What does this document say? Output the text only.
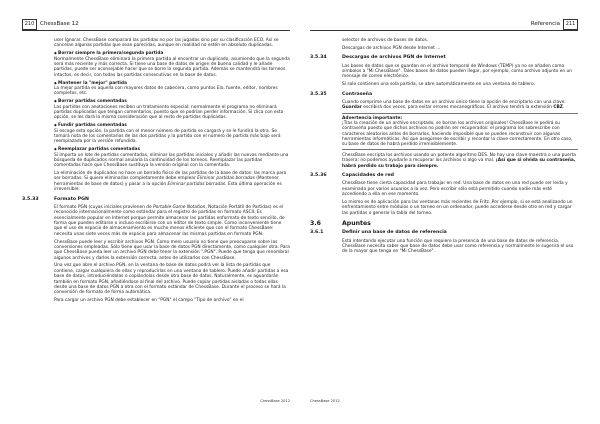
210	ChessBase 12

user Ignorar. ChessBase comparará las partidas no por las jugadas sino por su clasificación ECO. Así se cancelan algunas partidas que sean parecidas, aunque en realidad no estén en absoluto duplicadas.

◆ Borrar siempre la primera/segunda partida

Normalmente ChessBase eliminará la primera partida al encontrar un duplicado, asumiendo que la segunda será más reciente y más correcta. Si tiene una base de datos de origen de buena calidad y le añade partidas, puede ser aconsejable hacer que se borre la segunda partida. Además se mantendrá los torneos intactos, es decir, con todas las partidas consecutivas en la base de datos.

◆ Mantener la "mejor" partida

La mejor partida es aquella con mayores datos de cabecera, como puntos Elo, fuente, editor, nombres completos, etc.

◆ Borrar partidas comentadas

Las partidas con anotaciones reciben un tratamiento especial: normalmente el programa no eliminará partidas duplicadas que tengan comentarios, puesto que se podrían perder información. Si clica con esta opción, se les dará la misma consideración que al resto de partidas duplicadas.

◆ Fundir partidas comentadas

Si escoge esta opción, la partida con el menor número de partida se cargará y se le fundirá la otra. Se tomará nota de los comentarios de las dos partidas y la partida con el número de partida más bajo será reemplazada por la versión refundida.

◆ Reemplazar partidas comentadas

Si importa un lote de partidas comentadas, eliminar las partidas iniciales y añadir las nuevas mediante una búsqueda de duplicados normal anularía la continuidad de los torneos. Reemplazar las partidas comentadas hace que ChessBase sustituya la versión original con la comentada.

La eliminación de duplicados no hace un borrado físico de las partidas de la base de datos: las marca para ser borradas. Si quiere eliminarlas completamente debe emplear Eliminar partidas borradas (Mantener herramientas de base de datos) y pasar a la opción Eliminar partidas borradas. Esta última operación es irreversible.

3.5.33	Formato PGN

El formato PGN (cuyas iniciales provienen de Portable Game Notation, Notación Portátil de Partidas) es el reconocido internacionalmente como estándar para el registro de partidas en formato ASCII. Es esencialmente popular en Internet porque permite almacenar las partidas enformato de texto sencillo, de forma que pueden editarse o incluso escribirse con un editor de texto simple. Como inconveniente tiene que el uso de espacio de almacenamiento es mucho menos eficiente que con el formato ChessBase: necesita unas siete veces más de espacio para almacenar las mismas partidas en formato PGN.

ChessBase puede leer y escribir archivos PGN. Como mero usuario no tiene que preocuparse sobre las conversiones empleadas. Sólo tiene que usar la base de datos PGN directamente, como cualquier otra. Para que ChessBase pueda leer un archivo PGN debe tener la extensión ".PGN". Puede que tenga que renombrar algunos archivos y darles la extensión correcta, antes de utilizarlos con ChessBase.

Una vez que abre el archivo PGN, en la ventana de base de datos podrá ver la lista de partidas que contiene, cargar cualquiera de ellas y reproducirlas en una ventana de tablero. Puede añadir partidas a esa base de datos, introduciéndolas o copiándolas desde otra base de datos. Naturalmente, es aguardarán también en formato PGN, añadiéndose al final del archivo. Puede copiar partidas aisladas o todas ellas desde una base de datos PGN a otra con el formato estándar de ChessBase. Durante el proceso se hará la conversión de formato de forma automática.

Para cargar un archivo PGN debe establecer en "PGN" el campo "Tipo de archivo" en el

ChessBase 2012
Referencia	211

selector de archivos de bases de datos.

Descargas de archivos PGN desde Internet ...

3.5.34	Descargas de archivos PGN de Internet

Las bases de datos que se guardan en el archivo temporal de Windows (TEMP) ya no se añaden como símbolos a "Mi ChessBase". Tales bases de datos pueden llegar, por ejemplo, como archivo adjunto en un mensaje de correo electrónico.

Si solo contienen una sola partida, se abre automáticamente en una ventana de tablero.

3.5.35	Contraseña

Cuando comprime una base de datos en un archivo único tiene la opción de encriptarlo con una clave. Guardar escribirá dos veces, para evitar errores mecanográficos. El archivo tendrá la extensión CBZ.

Advertencia importante:
¡Tras la creación de un archivo encriptado, se borran los archivos originales! ChessBase le pedirá su contraseña puesto que dichos archivos no podrán ser recuperados: el programa los sobrescribe con caracteres aleatorios antes de borrarlos, haciendo imposible que se pueden reconstruir con algunas herramientas informáticas. Así que asegúrese de escribir y recordar la clave correctamente. En otro caso, su base de datos de habrá perdido irremisiblemente.

ChessBase encripta los archivos usando un potente algoritmo DES. No hay una clave maestra o una puerta trasera: no podemos ayudarle a recuperar los archivos si algo va mal. ¡Así que si olvida su contraseña, habrá perdido su trabajo para siempre.

3.5.36	Capacidades de red

ChessBase tiene cierta capacidad para trabajar en red. Una base de datos en una red puede ser leída y examinada por varios usuarios a la vez. Pero escribir sólo está permitido cuando nadie más esté accediendo a ella en ese momento.

Lo mismo es de aplicación para las ventanas más recientes de Fritz. Por ejemplo, si se está analizando un enfrentamiento entre módulos o un torneo en un ordenador, puede accederse desde otro en red y cargar las partidas o generar la tabla del torneo.

3.6	Apuntes
3.6.1	Definir una base de datos de referencia

Está intentando ejecutar una función que requiere la presencia de una base de datos de referencia. ChessBase necesita saber que base de datos debe usar como referencia y normalmente le sugerirá el uso de la mayor que tenga en "Mi ChessBase".

ChessBase 2012
